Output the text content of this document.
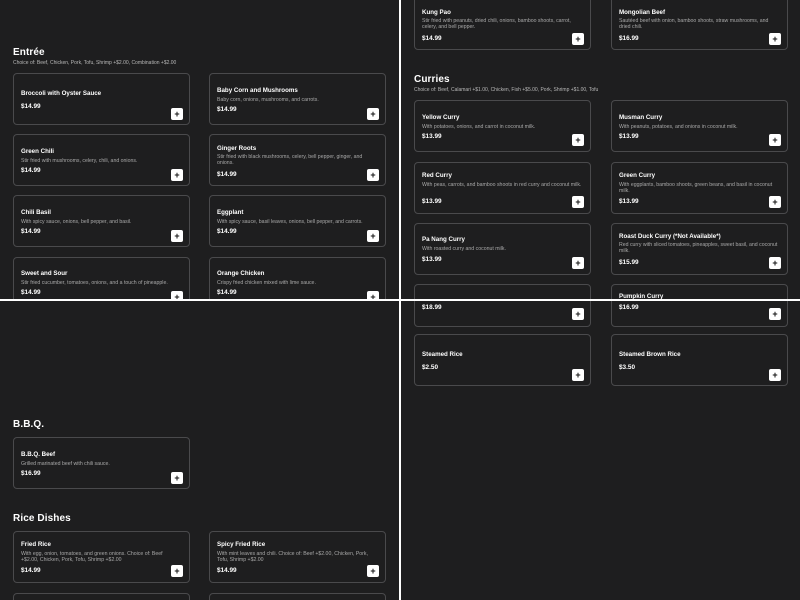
Entrée
Choice of: Beef, Chicken, Pork, Tofu, Shrimp +$2.00, Combination +$2.00
Broccoli with Oyster Sauce
$14.99
+
Baby Corn and Mushrooms
Baby corn, onions, mushrooms, and carrots.
$14.99	+
Green Chili
Stir fried with mushrooms, celery, chili, and onions.
$14.99	+
Ginger Roots
Stir fried with black mushrooms, celery, bell pepper, ginger, and onions.
$14.99	+
Chili Basil
With spicy sauce, onions, bell pepper, and basil.
$14.99	+
Eggplant
With spicy sauce, basil leaves, onions, bell pepper, and carrots.
$14.99	+
Sweet and Sour
Stir fried cucumber, tomatoes, onions, and a touch of pineapple.
$14.99	+
Orange Chicken
Crispy fried chicken mixed with lime sauce.
$14.99	+
Kung Pao
Stir fried with peanuts, dried chili, onions, bamboo shoots, carrot, celery, and bell pepper.
$14.99	+
Mongolian Beef
Sautéed beef with onion, bamboo shoots, straw mushrooms, and dried chili.
$16.99	+
Curries
Choice of: Beef, Calamari +$1.00, Chicken, Fish +$5.00, Pork, Shrimp +$1.00, Tofu
Yellow Curry
With potatoes, onions, and carrot in coconut milk.
$13.99	+
Musman Curry
With peanuts, potatoes, and onions in coconut milk.
$13.99	+
Red Curry
With peas, carrots, and bamboo shoots in red curry and coconut milk.
$13.99	+
Green Curry
With eggplants, bamboo shoots, green beans, and basil in coconut milk.
$13.99	+
Pa Nang Curry
With roasted curry and coconut milk.
$13.99	+
Roast Duck Curry (*Not Available*)
Red curry with sliced tomatoes, pineapples, sweet basil, and coconut milk.
$15.99	+
Pumpkin Curry
B.B.Q.
B.B.Q. Beef
Grilled marinated beef with chili sauce.
$16.99	+
Rice Dishes
Fried Rice
With egg, onion, tomatoes, and green onions. Choice of: Beef +$2.00, Chicken, Pork, Tofu, Shrimp +$2.00
$14.99	+
Spicy Fried Rice
With mint leaves and chili. Choice of: Beef +$2.00, Chicken, Pork, Tofu, Shrimp +$2.00
$14.99	+
$18.99
+
$16.99
+
Steamed Rice
$2.50
+
Steamed Brown Rice
$3.50
+
